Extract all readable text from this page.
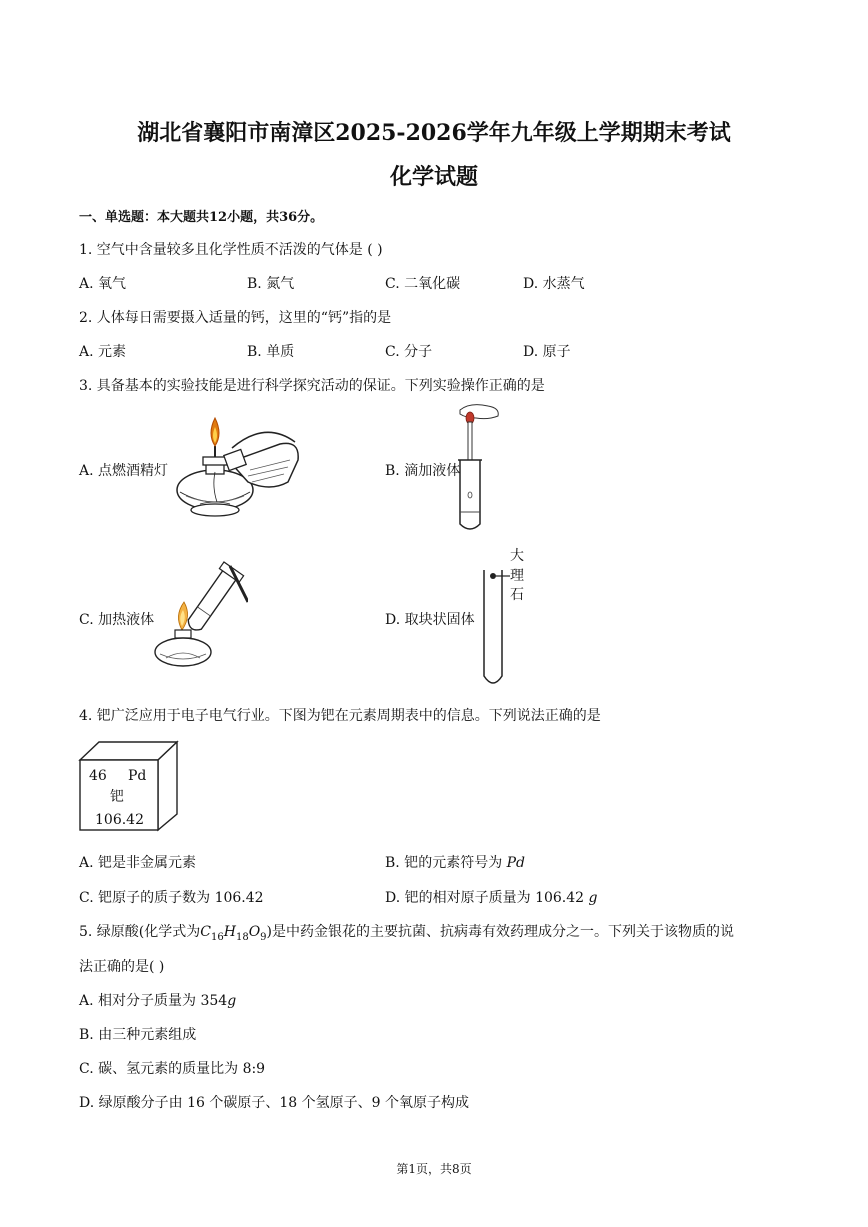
湖北省襄阳市南漳区2025-2026学年九年级上学期期末考试
化学试题
一、单选题：本大题共12小题，共36分。
1. 空气中含量较多且化学性质不活泼的气体是 ( )
A. 氧气	B. 氮气	C. 二氧化碳	D. 水蒸气
2. 人体每日需要摄入适量的钙，这里的“钙”指的是
A. 元素	B. 单质	C. 分子	D. 原子
3. 具备基本的实验技能是进行科学探究活动的保证。下列实验操作正确的是
A. 点燃酒精灯	B. 滴加液体
C. 加热液体	D. 取块状固体
大
理
石
4. 钯广泛应用于电子电气行业。下图为钯在元素周期表中的信息。下列说法正确的是
46 Pd
钯
106.42
A. 钯是非金属元素	B. 钯的元素符号为 Pd
C. 钯原子的质子数为 106.42	D. 钯的相对原子质量为 106.42 g
5. 绿原酸(化学式为$C_{16}H_{18}O_9$)是中药金银花的主要抗菌、抗病毒有效药理成分之一。下列关于该物质的说
法正确的是( )
A. 相对分子质量为 354g
B. 由三种元素组成
C. 碳、氢元素的质量比为 8:9
D. 绿原酸分子由 16 个碳原子、18 个氢原子、9 个氧原子构成
第1页，共8页
